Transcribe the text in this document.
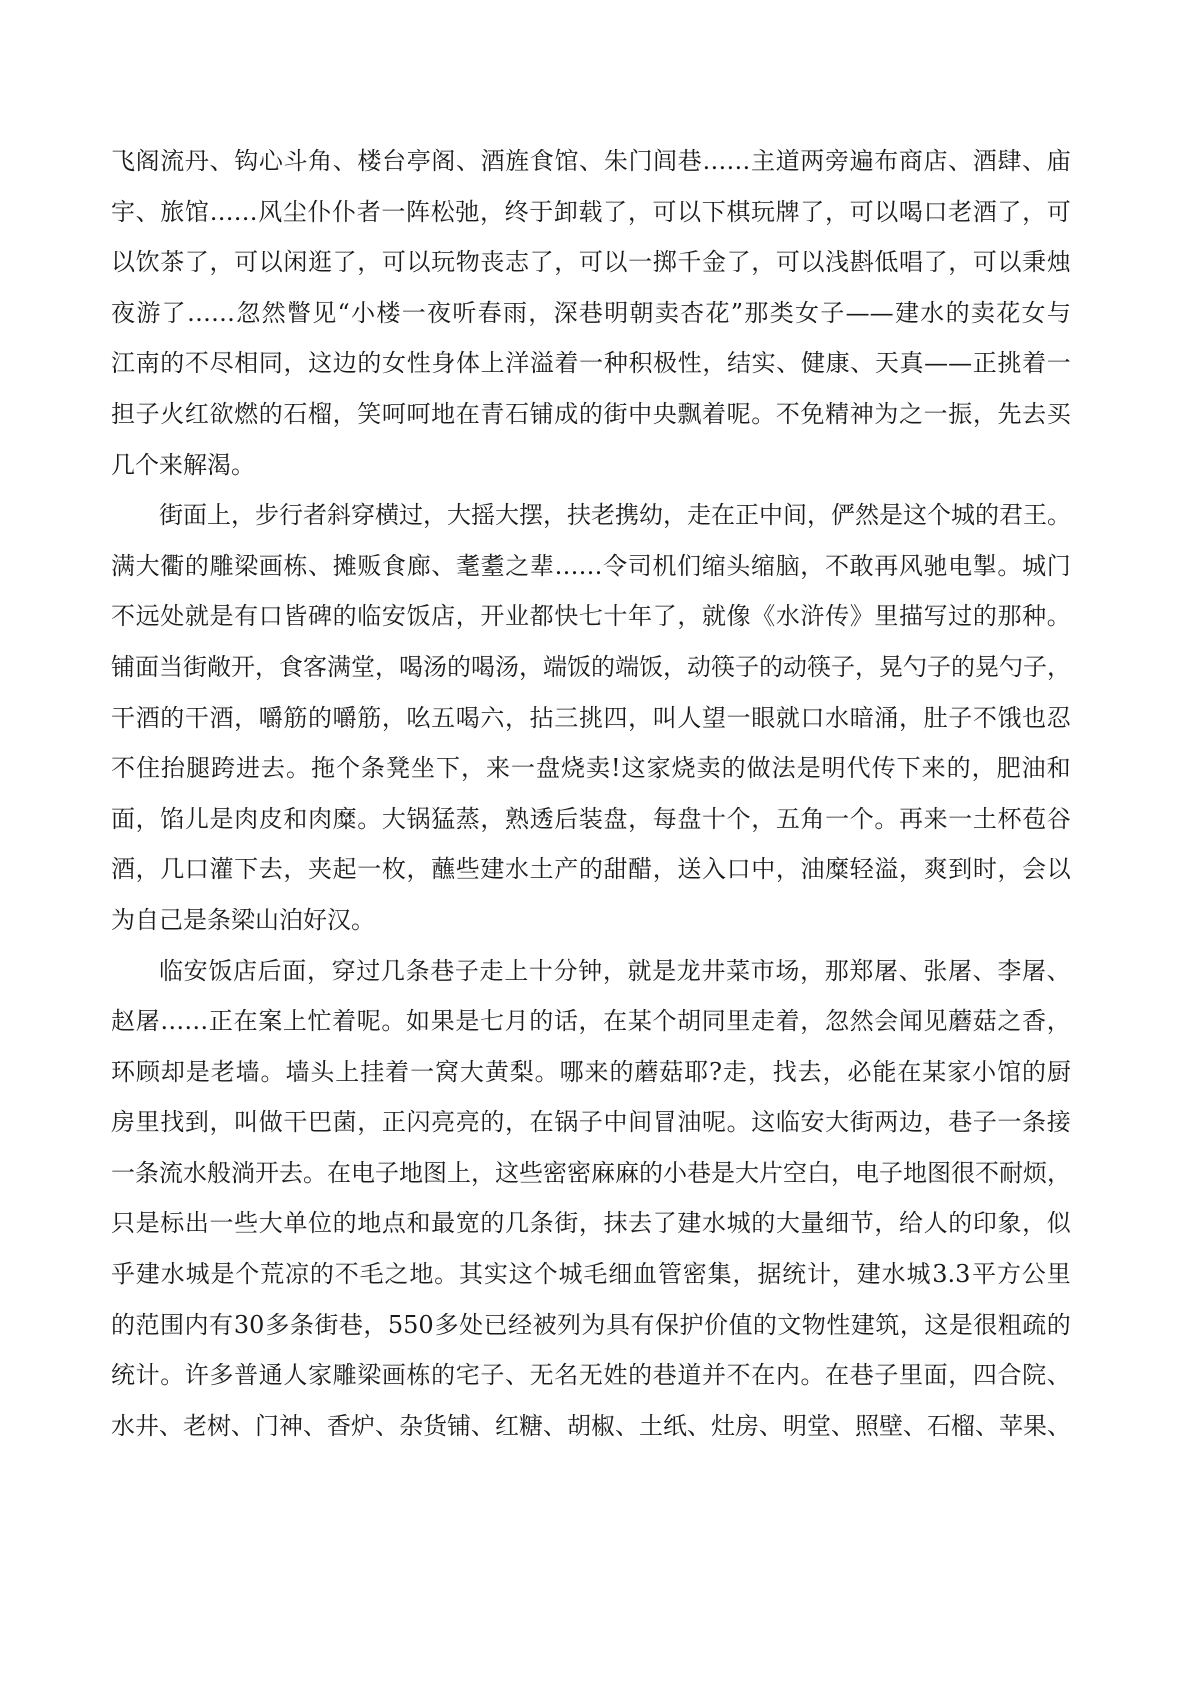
飞 阁 流 丹 、 钩 心 斗 角 、 楼 台 亭 阁 、 酒 旌 食 馆 、 朱 门 闾 巷 …… 主 道 两 旁 遍 布 商 店 、 酒 肆 、 庙
宇 、 旅 馆 …… 风 尘 仆 仆 者 一 阵 松 弛 ， 终 于 卸 载 了 ， 可 以 下 棋 玩 牌 了 ， 可 以 喝 口 老 酒 了 ， 可
以 饮 茶 了 ， 可 以 闲 逛 了 ， 可 以 玩 物 丧 志 了 ， 可 以 一 掷 千 金 了 ， 可 以 浅 斟 低 唱 了 ， 可 以 秉 烛
夜 游 了 …… 忽 然 瞥 见 “ 小 楼 一 夜 听 春 雨 ， 深 巷 明 朝 卖 杏 花 ” 那 类 女 子 —— 建 水 的 卖 花 女 与
江 南 的 不 尽 相 同 ， 这 边 的 女 性 身 体 上 洋 溢 着 一 种 积 极 性 ， 结 实 、 健 康 、 天 真 —— 正 挑 着 一
担 子 火 红 欲 燃 的 石 榴 ， 笑 呵 呵 地 在 青 石 铺 成 的 街 中 央 飘 着 呢 。 不 免 精 神 为 之 一 振 ， 先 去 买
几个来解渴。
街 面 上 ， 步 行 者 斜 穿 横 过 ， 大 摇 大 摆 ， 扶 老 携 幼 ， 走 在 正 中 间 ， 俨 然 是 这 个 城 的 君 王 。
满 大 衢 的 雕 梁 画 栋 、 摊 贩 食 廊 、 耄 耋 之 辈 …… 令 司 机 们 缩 头 缩 脑 ， 不 敢 再 风 驰 电 掣 。 城 门
不 远 处 就 是 有 口 皆 碑 的 临 安 饭 店 ， 开 业 都 快 七 十 年 了 ， 就 像 《 水 浒 传 》 里 描 写 过 的 那 种 。
铺 面 当 街 敞 开 ， 食 客 满 堂 ， 喝 汤 的 喝 汤 ， 端 饭 的 端 饭 ， 动 筷 子 的 动 筷 子 ， 晃 勺 子 的 晃 勺 子 ，
干 酒 的 干 酒 ， 嚼 筋 的 嚼 筋 ， 吆 五 喝 六 ， 拈 三 挑 四 ， 叫 人 望 一 眼 就 口 水 暗 涌 ， 肚 子 不 饿 也 忍
不 住 抬 腿 跨 进 去 。 拖 个 条 凳 坐 下 ， 来 一 盘 烧 卖 ! 这 家 烧 卖 的 做 法 是 明 代 传 下 来 的 ， 肥 油 和
面 ， 馅 儿 是 肉 皮 和 肉 糜 。 大 锅 猛 蒸 ， 熟 透 后 装 盘 ， 每 盘 十 个 ， 五 角 一 个 。 再 来 一 土 杯 苞 谷
酒 ， 几 口 灌 下 去 ， 夹 起 一 枚 ， 蘸 些 建 水 土 产 的 甜 醋 ， 送 入 口 中 ， 油 糜 轻 溢 ， 爽 到 时 ， 会 以
为自己是条梁山泊好汉。
临 安 饭 店 后 面 ， 穿 过 几 条 巷 子 走 上 十 分 钟 ， 就 是 龙 井 菜 市 场 ， 那 郑 屠 、 张 屠 、 李 屠 、
赵 屠 …… 正 在 案 上 忙 着 呢 。 如 果 是 七 月 的 话 ， 在 某 个 胡 同 里 走 着 ， 忽 然 会 闻 见 蘑 菇 之 香 ，
环 顾 却 是 老 墙 。 墙 头 上 挂 着 一 窝 大 黄 梨 。 哪 来 的 蘑 菇 耶 ? 走 ， 找 去 ， 必 能 在 某 家 小 馆 的 厨
房 里 找 到 ， 叫 做 干 巴 菌 ， 正 闪 亮 亮 的 ， 在 锅 子 中 间 冒 油 呢 。 这 临 安 大 街 两 边 ， 巷 子 一 条 接
一 条 流 水 般 淌 开 去 。 在 电 子 地 图 上 ， 这 些 密 密 麻 麻 的 小 巷 是 大 片 空 白 ， 电 子 地 图 很 不 耐 烦 ，
只 是 标 出 一 些 大 单 位 的 地 点 和 最 宽 的 几 条 街 ， 抹 去 了 建 水 城 的 大 量 细 节 ， 给 人 的 印 象 ， 似
乎 建 水 城 是 个 荒 凉 的 不 毛 之 地 。 其 实 这 个 城 毛 细 血 管 密 集 ， 据 统 计 ， 建 水 城 3.3 平 方 公 里
的 范 围 内 有 30 多 条 街 巷 ， 550 多 处 已 经 被 列 为 具 有 保 护 价 值 的 文 物 性 建 筑 ， 这 是 很 粗 疏 的
统 计 。 许 多 普 通 人 家 雕 梁 画 栋 的 宅 子 、 无 名 无 姓 的 巷 道 并 不 在 内 。 在 巷 子 里 面 ， 四 合 院 、
水 井 、 老 树 、 门 神 、 香 炉 、 杂 货 铺 、 红 糖 、 胡 椒 、 土 纸 、 灶 房 、 明 堂 、 照 壁 、 石 榴 、 苹 果 、
